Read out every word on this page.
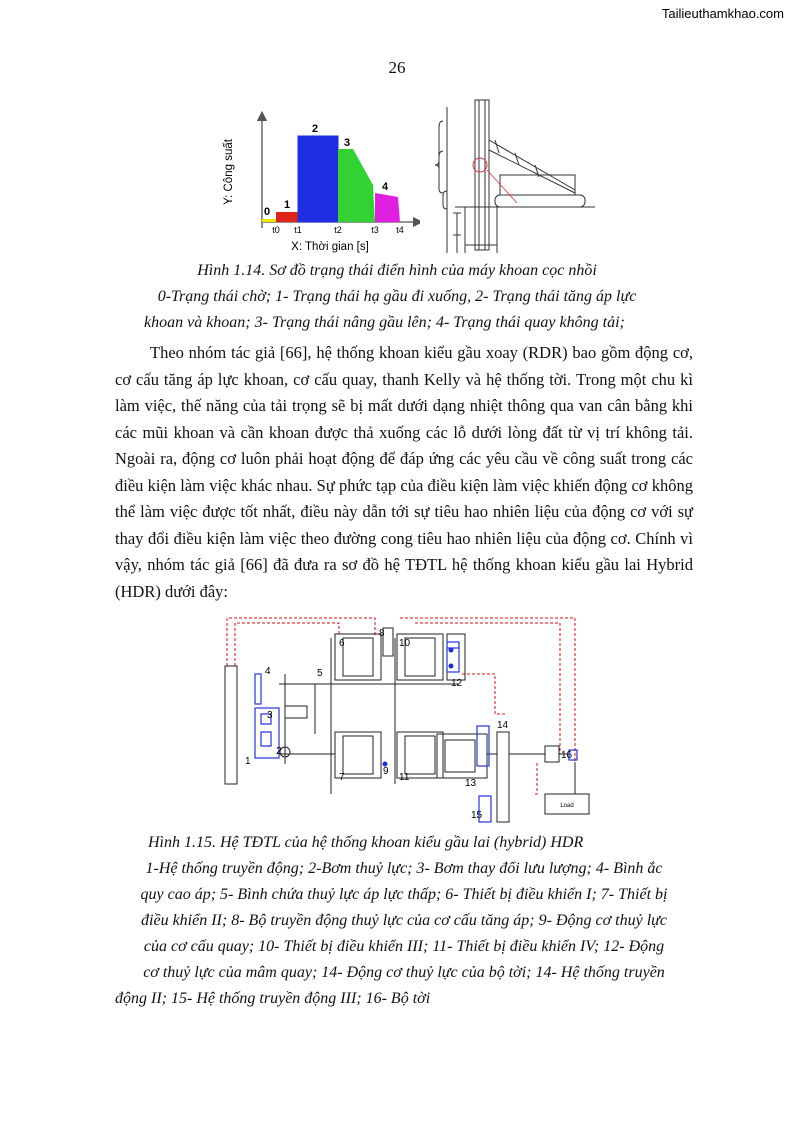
Tailieuthamkhao.com
26
Y: Công suất
0
1
2
3
4
t0 t1	t2	t3 t4
X: Thời gian [s]
Hình 1.14. Sơ đồ trạng thái điển hình của máy khoan cọc nhồi
0-Trạng thái chờ; 1- Trạng thái hạ gầu đi xuống, 2- Trạng thái tăng áp lực
khoan và khoan; 3- Trạng thái nâng gầu lên; 4- Trạng thái quay không tải;

Theo nhóm tác giả [66], hệ thống khoan kiểu gầu xoay (RDR) bao gồm động cơ, cơ cấu tăng áp lực khoan, cơ cấu quay, thanh Kelly và hệ thống tời. Trong một chu kì làm việc, thế năng của tải trọng sẽ bị mất dưới dạng nhiệt thông qua van cân bằng khi các mũi khoan và cần khoan được thả xuống các lỗ dưới lòng đất từ vị trí không tải. Ngoài ra, động cơ luôn phải hoạt động để đáp ứng các yêu cầu về công suất trong các điều kiện làm việc khác nhau. Sự phức tạp của điều kiện làm việc khiến động cơ không thể làm việc được tốt nhất, điều này dẫn tới sự tiêu hao nhiên liệu của động cơ với sự thay đổi điều kiện làm việc theo đường cong tiêu hao nhiên liệu của động cơ. Chính vì vậy, nhóm tác giả [66] đã đưa ra sơ đồ hệ TĐTL hệ thống khoan kiểu gầu lai Hybrid (HDR) dưới đây:

1
2
3
4	5
6
7
8
9
10
11
12
13
14
15
16
Load
Hình 1.15. Hệ TĐTL của hệ thống khoan kiểu gầu lai (hybrid) HDR
1-Hệ thống truyền động; 2-Bơm thuỷ lực; 3- Bơm thay đổi lưu lượng; 4- Bình ắc
quy cao áp; 5- Bình chứa thuỷ lực áp lực thấp; 6- Thiết bị điều khiển I; 7- Thiết bị
điều khiển II; 8- Bộ truyền động thuỷ lực của cơ cấu tăng áp; 9- Động cơ thuỷ lực
của cơ cấu quay; 10- Thiết bị điều khiển III; 11- Thiết bị điều khiển IV; 12- Động
cơ thuỷ lực của mâm quay; 14- Động cơ thuỷ lực của bộ tời; 14- Hệ thống truyền
động II; 15- Hệ thống truyền động III; 16- Bộ tời
